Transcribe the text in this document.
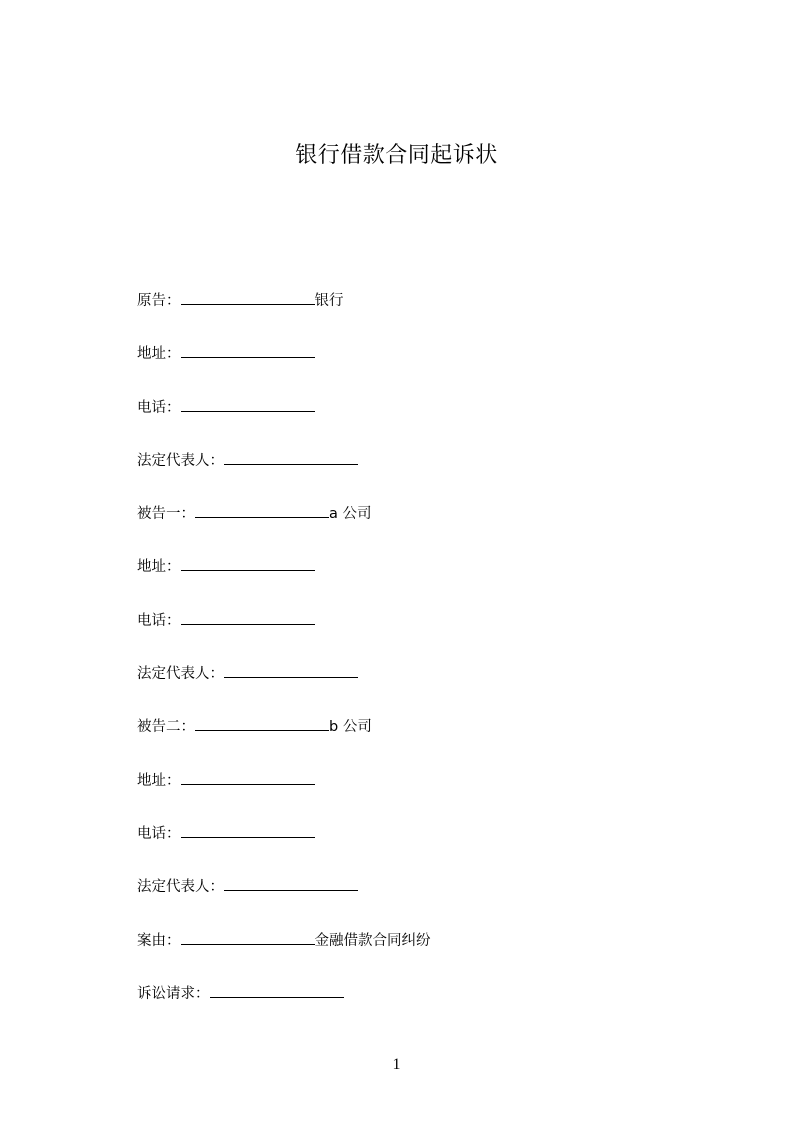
银行借款合同起诉状
原告：	银行
地址：
电话：
法定代表人：
被告一：	a 公司
地址：
电话：
法定代表人：
被告二：	b 公司
地址：
电话：
法定代表人：
案由：	金融借款合同纠纷
诉讼请求：
1
